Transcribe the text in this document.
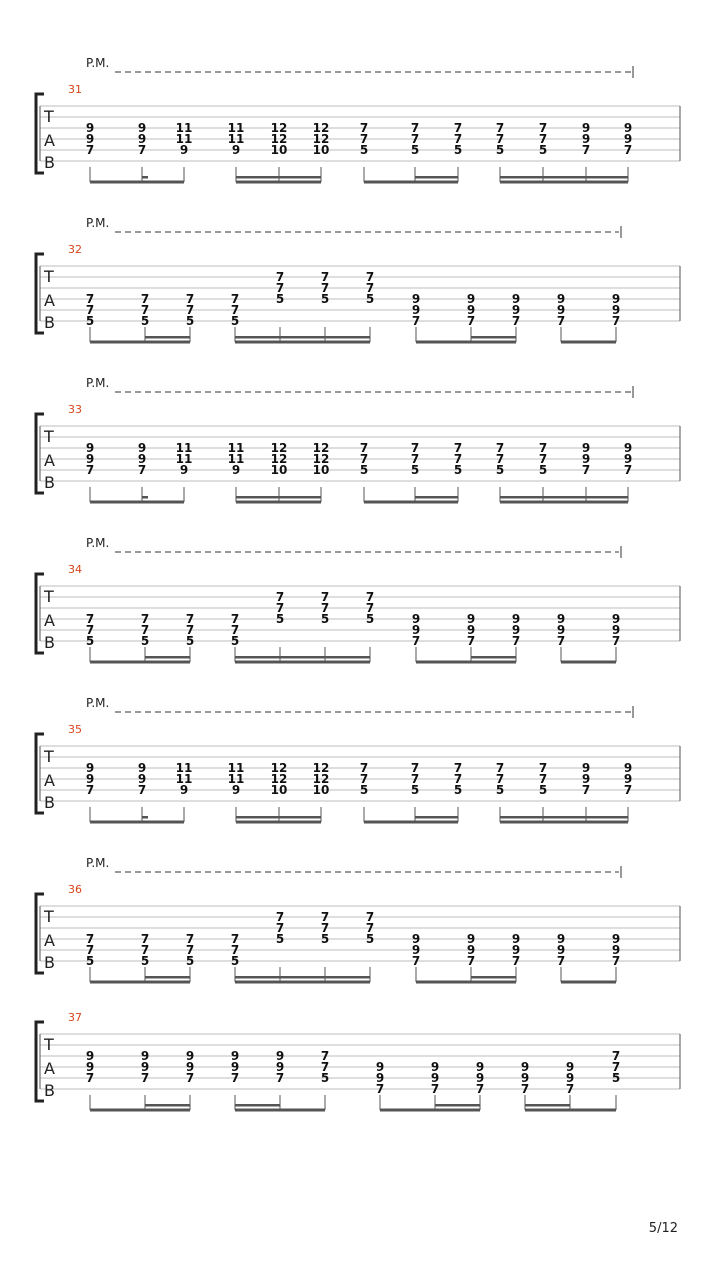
P.M.
T
A
B
31
9
9
7
9
9
7
11
11
9
11
11
9
12
12
10
12
12
10
7
7
5
7
7
5
7
7
5
7
7
5
7
7
5
9
9
7
9
9
7
P.M.
T
A
B
32
7
7
5
7
7
5
7
7
5
7
7
5
7
7
5
7
7
5
7
7
5	9
9
7
9
9
7
9
9
7
9
9
7
9
9
7
P.M.
T
A
B
33
9
9
7
9
9
7
11
11
9
11
11
9
12
12
10
12
12
10
7
7
5
7
7
5
7
7
5
7
7
5
7
7
5
9
9
7
9
9
7
P.M.
T
A
B
34
7
7
5
7
7
5
7
7
5
7
7
5
7
7
5
7
7
5
7
7
5	9
9
7
9
9
7
9
9
7
9
9
7
9
9
7
P.M.
T
A
B
35
9
9
7
9
9
7
11
11
9
11
11
9
12
12
10
12
12
10
7
7
5
7
7
5
7
7
5
7
7
5
7
7
5
9
9
7
9
9
7
P.M.
T
A
B
36
7
7
5
7
7
5
7
7
5
7
7
5
7
7
5
7
7
5
7
7
5	9
9
7
9
9
7
9
9
7
9
9
7
9
9
7
T
A
B
37
9
9
7
9
9
7
9
9
7
9
9
7
9
9
7
7
7
5
9
9
7
9
9
7
9
9
7
9
9
7
9
9
7
7
7
5
5/12
